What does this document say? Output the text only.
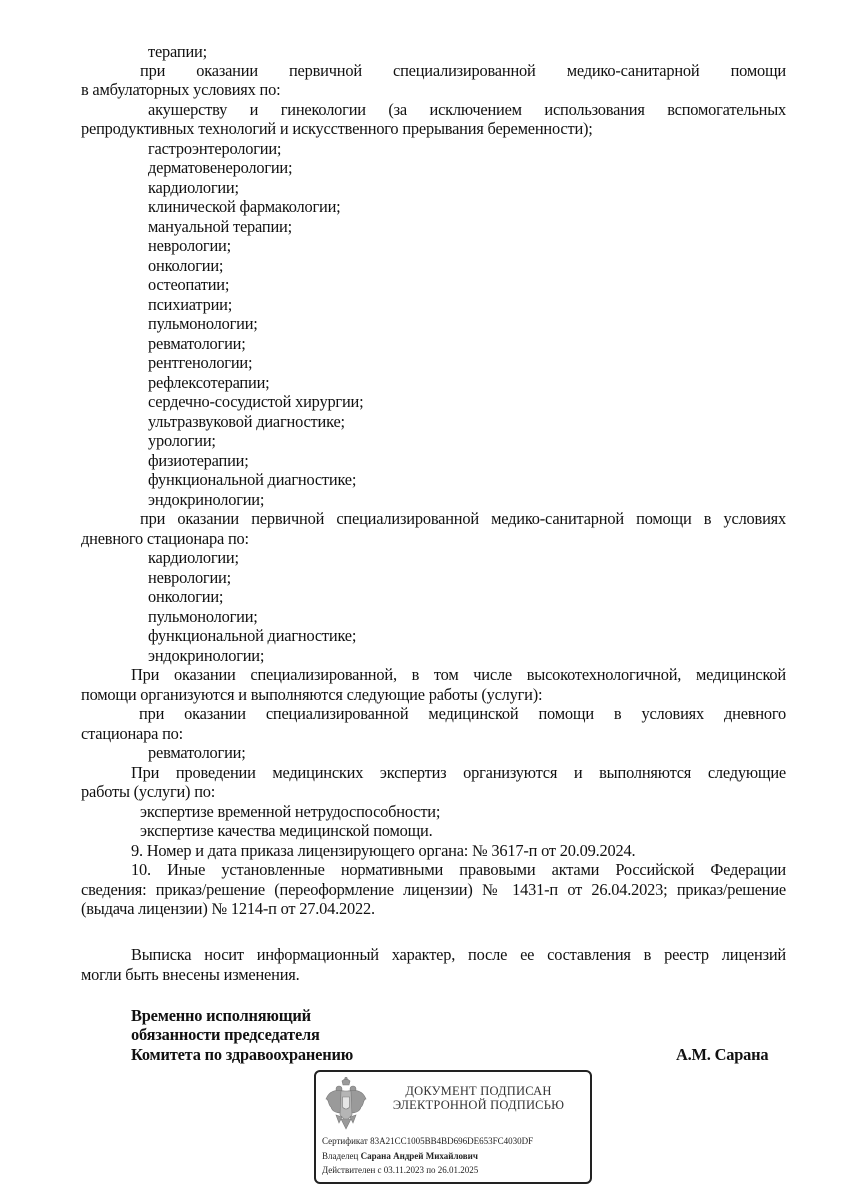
терапии;
при оказании первичной специализированной медико-санитарной помощи
в амбулаторных условиях по:
акушерству и гинекологии (за исключением использования вспомогательных
репродуктивных технологий и искусственного прерывания беременности);
гастроэнтерологии;
дерматовенерологии;
кардиологии;
клинической фармакологии;
мануальной терапии;
неврологии;
онкологии;
остеопатии;
психиатрии;
пульмонологии;
ревматологии;
рентгенологии;
рефлексотерапии;
сердечно-сосудистой хирургии;
ультразвуковой диагностике;
урологии;
физиотерапии;
функциональной диагностике;
эндокринологии;
при оказании первичной специализированной медико-санитарной помощи в условиях
дневного стационара по:
кардиологии;
неврологии;
онкологии;
пульмонологии;
функциональной диагностике;
эндокринологии;
При оказании специализированной, в том числе высокотехнологичной, медицинской
помощи организуются и выполняются следующие работы (услуги):
при оказании специализированной медицинской помощи в условиях дневного
стационара по:
ревматологии;
При проведении медицинских экспертиз организуются и выполняются следующие
работы (услуги) по:
экспертизе временной нетрудоспособности;
экспертизе качества медицинской помощи.
9. Номер и дата приказа лицензирующего органа: № 3617-п от 20.09.2024.
10. Иные установленные нормативными правовыми актами Российской Федерации
сведения: приказ/решение (переоформление лицензии) № 1431-п от 26.04.2023; приказ/решение
(выдача лицензии) № 1214-п от 27.04.2022.
Выписка носит информационный характер, после ее составления в реестр лицензий
могли быть внесены изменения.
Временно исполняющий
обязанности председателя
Комитета по здравоохранению	А.М. Сарана
ДОКУМЕНТ ПОДПИСАН
ЭЛЕКТРОННОЙ ПОДПИСЬЮ
Сертификат 83A21CC1005BB4BD696DE653FC4030DF
Владелец Сарана Андрей Михайлович
Действителен с 03.11.2023 по 26.01.2025
